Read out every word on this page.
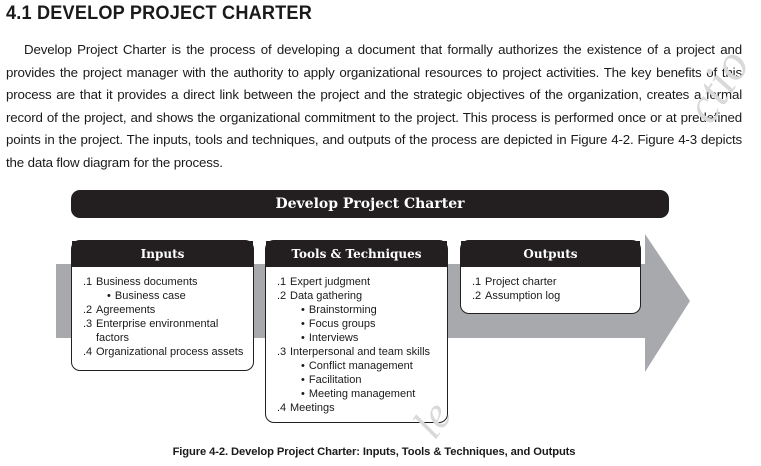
4.1 DEVELOP PROJECT CHARTER

Develop Project Charter is the process of developing a document that formally authorizes the existence of a project and provides the project manager with the authority to apply organizational resources to project activities. The key benefits of this process are that it provides a direct link between the project and the strategic objectives of the organization, creates a formal record of the project, and shows the organizational commitment to the project. This process is performed once or at predefined points in the project. The inputs, tools and techniques, and outputs of the process are depicted in Figure 4-2. Figure 4-3 depicts the data flow diagram for the process.

ctio
Develop Project Charter
Inputs
.1 Business documents
• Business case
.2 Agreements
.3 Enterprise environmental
factors
.4 Organizational process assets
Tools & Techniques
.1 Expert judgment
.2 Data gathering
• Brainstorming
• Focus groups
• Interviews
.3 Interpersonal and team skills
• Conflict management
• Facilitation
• Meeting management
.4 Meetings
Outputs
.1 Project charter
.2 Assumption log
le
Figure 4-2. Develop Project Charter: Inputs, Tools & Techniques, and Outputs
